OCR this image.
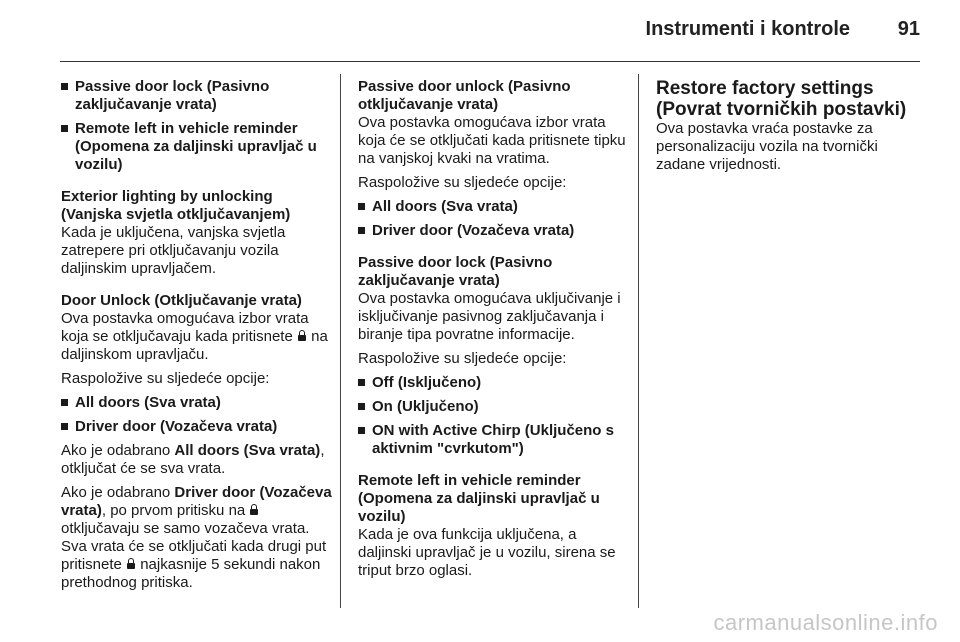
Instrumenti i kontrole 91
Passive door lock (Pasivno zaključavanje vrata)
Remote left in vehicle reminder (Opomena za daljinski upravljač u vozilu)
Exterior lighting by unlocking (Vanjska svjetla otključavanjem)

Kada je uključena, vanjska svjetla zatrepere pri otključavanju vozila daljinskim upravljačem.

Door Unlock (Otključavanje vrata)

Ova postavka omogućava izbor vrata koja se otključavaju kada pritisnete na daljinskom upravljaču.

Raspoložive su sljedeće opcije:

All doors (Sva vrata)
Driver door (Vozačeva vrata)

Ako je odabrano All doors (Sva vrata), otključat će se sva vrata.

Ako je odabrano Driver door (Vozačeva vrata), po prvom pritisku na  otključavaju se samo vozačeva vrata. Sva vrata će se otključati kada drugi put pritisnete najkasnije 5 sekundi nakon prethodnog pritiska.

Passive door unlock (Pasivno otključavanje vrata)

Ova postavka omogućava izbor vrata koja će se otključati kada pritisnete tipku na vanjskoj kvaki na vratima.

Raspoložive su sljedeće opcije:

All doors (Sva vrata)
Driver door (Vozačeva vrata)
Passive door lock (Pasivno zaključavanje vrata)

Ova postavka omogućava uključivanje i isključivanje pasivnog zaključavanja i biranje tipa povratne informacije.

Raspoložive su sljedeće opcije:

Off (Isključeno)
On (Uključeno)
ON with Active Chirp (Uključeno s aktivnim "cvrkutom")
Remote left in vehicle reminder (Opomena za daljinski upravljač u vozilu)

Kada je ova funkcija uključena, a daljinski upravljač je u vozilu, sirena se triput brzo oglasi.

Restore factory settings (Povrat tvorničkih postavki)

Ova postavka vraća postavke za personalizaciju vozila na tvornički zadane vrijednosti.

carmanualsonline.info
